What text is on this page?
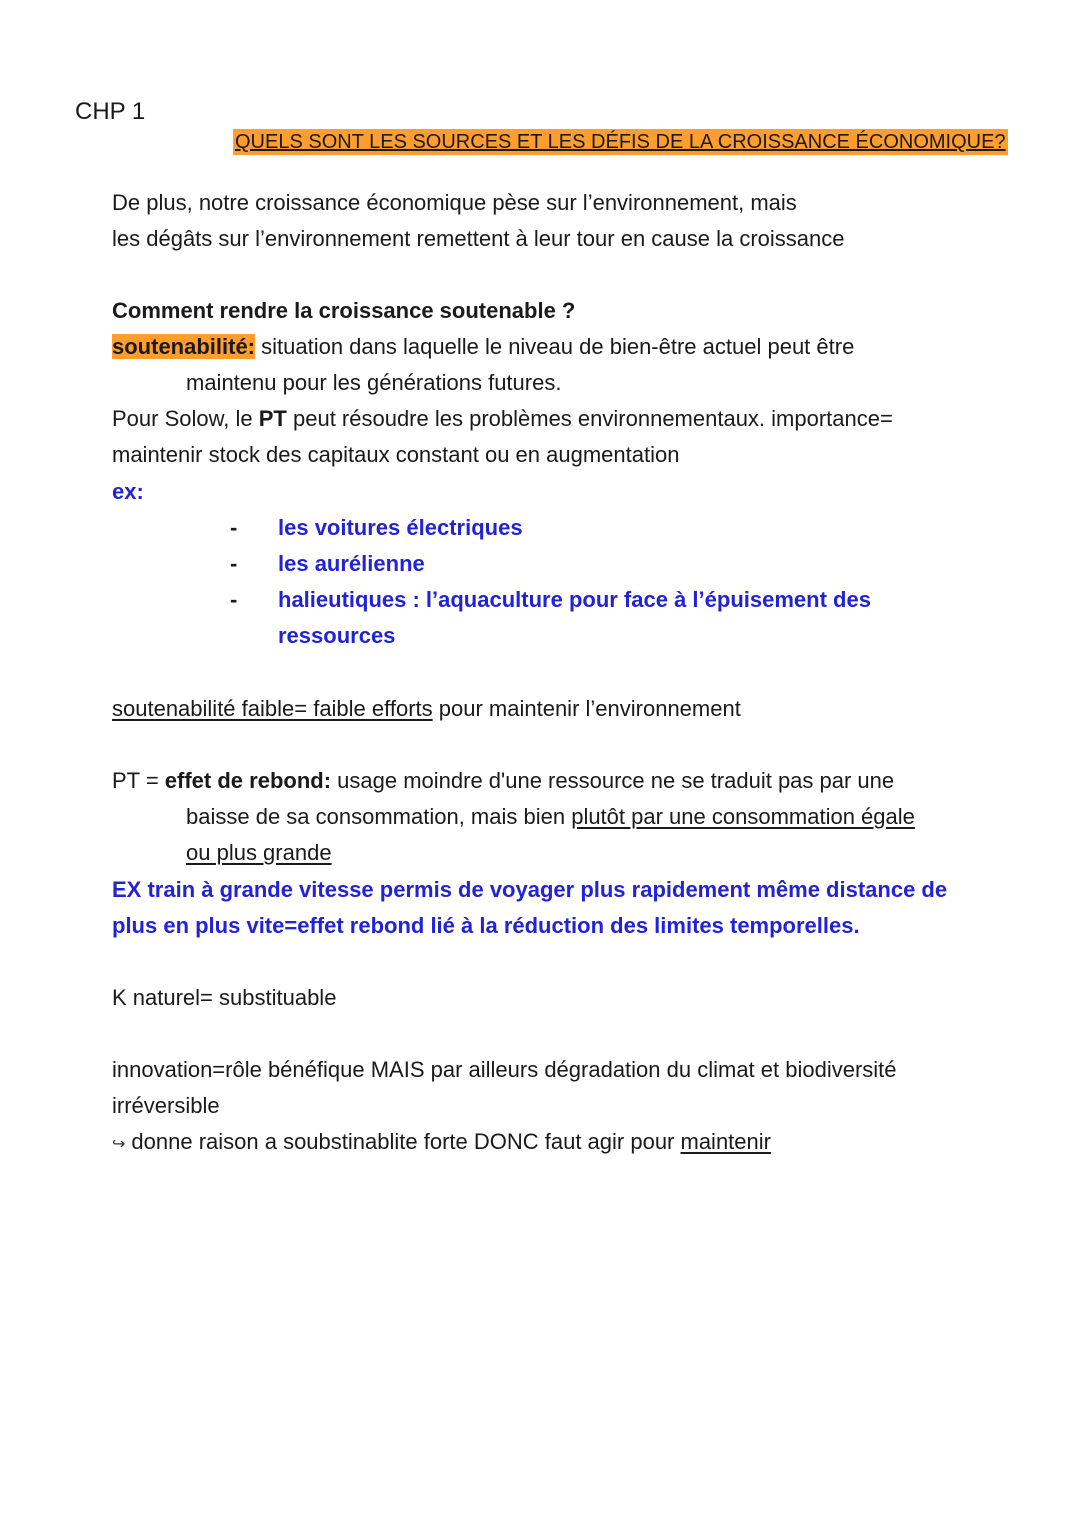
CHP 1
QUELS SONT LES SOURCES ET LES DÉFIS DE LA CROISSANCE ÉCONOMIQUE?
De plus, notre croissance économique pèse sur l’environnement, mais
les dégâts sur l’environnement remettent à leur tour en cause la croissance
Comment rendre la croissance soutenable ?
soutenabilité: situation dans laquelle le niveau de bien-être actuel peut être
maintenu pour les générations futures.
Pour Solow, le PT peut résoudre les problèmes environnementaux. importance=
maintenir stock des capitaux constant ou en augmentation
ex:
- les voitures électriques
- les aurélienne
- halieutiques : l’aquaculture pour face à l’épuisement des
ressources
soutenabilité faible= faible efforts pour maintenir l’environnement
PT = effet de rebond: usage moindre d'une ressource ne se traduit pas par une
baisse de sa consommation, mais bien plutôt par une consommation égale
ou plus grande
EX train à grande vitesse permis de voyager plus rapidement même distance de
plus en plus vite=effet rebond lié à la réduction des limites temporelles.
K naturel= substituable
innovation=rôle bénéfique MAIS par ailleurs dégradation du climat et biodiversité
irréversible
↪ donne raison a soubstinablite forte DONC faut agir pour maintenir
